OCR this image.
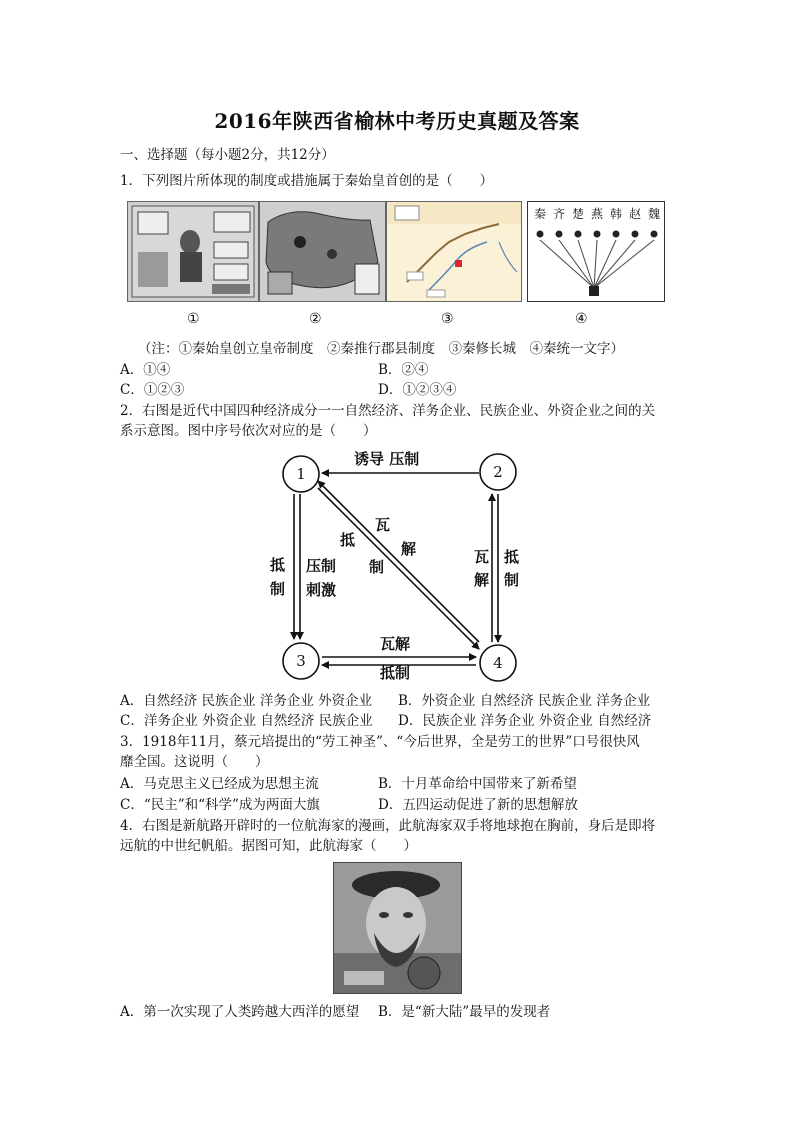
2016年陕西省榆林中考历史真题及答案
一、选择题（每小题2分，共12分）
1．下列图片所体现的制度或措施属于秦始皇首创的是（　　）
秦 齐 楚 燕 韩 赵 魏
①	②	③	④
（注：①秦始皇创立皇帝制度　②秦推行郡县制度　③秦修长城　④秦统一文字）
A．①④	B．②④
C．①②③	D．①②③④
2．右图是近代中国四种经济成分一一自然经济、洋务企业、民族企业、外资企业之间的关
系示意图。图中序号依次对应的是（　　）
1	2
3	4
诱导 压制
瓦解
抵制
抵
制
压制
刺激
瓦
解
抵
制
瓦
解
抵
制
A．自然经济 民族企业 洋务企业 外资企业 B．外资企业 自然经济 民族企业 洋务企业
C．洋务企业 外资企业 自然经济 民族企业 D．民族企业 洋务企业 外资企业 自然经济
3．1918年11月，蔡元培提出的“劳工神圣”、“今后世界，全是劳工的世界”口号很快风
靡全国。这说明（　　）
A．马克思主义已经成为思想主流	B．十月革命给中国带来了新希望
C．“民主”和“科学”成为两面大旗	D．五四运动促进了新的思想解放
4．右图是新航路开辟时的一位航海家的漫画，此航海家双手将地球抱在胸前，身后是即将
远航的中世纪帆船。据图可知，此航海家（　　）
A．第一次实现了人类跨越大西洋的愿望 B．是“新大陆”最早的发现者
